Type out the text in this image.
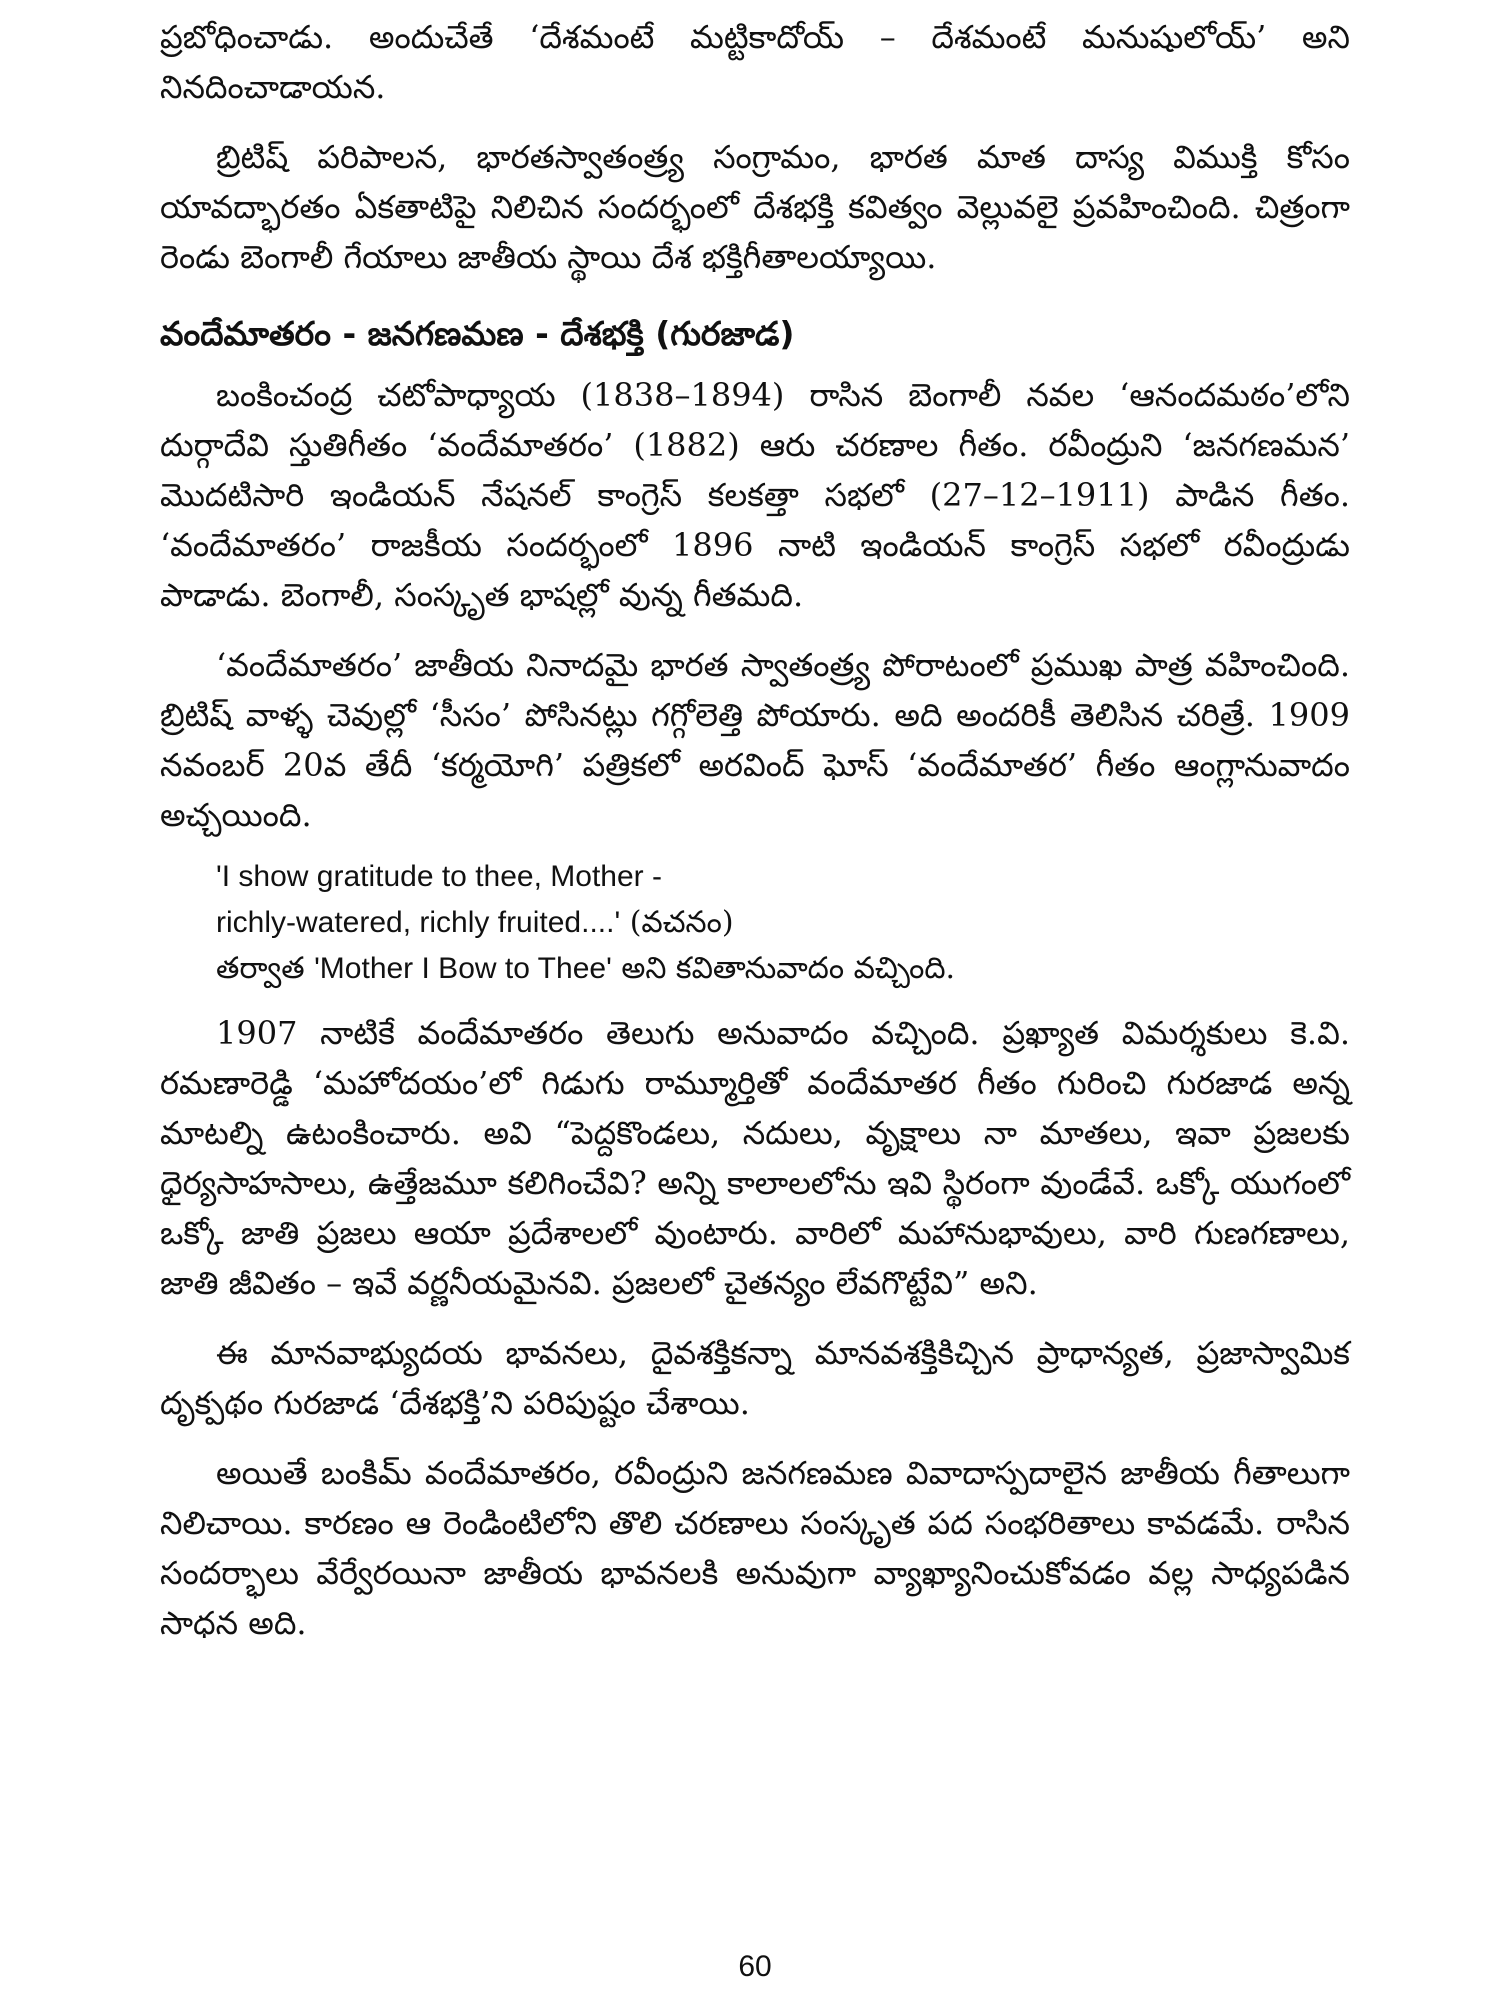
ప్రబోధించాడు. అందుచేతే ‘దేశమంటే మట్టికాదోయ్ – దేశమంటే మనుషులోయ్’ అని నినదించాడాయన.

బ్రిటిష్ పరిపాలన, భారతస్వాతంత్ర్య సంగ్రామం, భారత మాత దాస్య విముక్తి కోసం యావద్భారతం ఏకతాటిపై నిలిచిన సందర్భంలో దేశభక్తి కవిత్వం వెల్లువలై ప్రవహించింది. చిత్రంగా రెండు బెంగాలీ గేయాలు జాతీయ స్థాయి దేశ భక్తిగీతాలయ్యాయి.

వందేమాతరం - జనగణమణ - దేశభక్తి (గురజాడ)

బంకించంద్ర చటోపాధ్యాయ (1838–1894) రాసిన బెంగాలీ నవల ‘ఆనందమఠం’లోని దుర్గాదేవి స్తుతిగీతం ‘వందేమాతరం’ (1882) ఆరు చరణాల గీతం. రవీంద్రుని ‘జనగణమన’ మొదటిసారి ఇండియన్ నేషనల్ కాంగ్రెస్ కలకత్తా సభలో (27–12–1911) పాడిన గీతం. ‘వందేమాతరం’ రాజకీయ సందర్భంలో 1896 నాటి ఇండియన్ కాంగ్రెస్ సభలో రవీంద్రుడు పాడాడు. బెంగాలీ, సంస్కృత భాషల్లో వున్న గీతమది.

‘వందేమాతరం’ జాతీయ నినాదమై భారత స్వాతంత్ర్య పోరాటంలో ప్రముఖ పాత్ర వహించింది. బ్రిటిష్ వాళ్ళ చెవుల్లో ‘సీసం’ పోసినట్లు గగ్గోలెత్తి పోయారు. అది అందరికీ తెలిసిన చరిత్రే. 1909 నవంబర్ 20వ తేదీ ‘కర్మయోగి’ పత్రికలో అరవింద్ ఘోస్ ‘వందేమాతర’ గీతం ఆంగ్లానువాదం అచ్చయింది.

'I show gratitude to thee, Mother -
richly-watered, richly fruited....' (వచనం)
తర్వాత 'Mother I Bow to Thee' అని కవితానువాదం వచ్చింది.

1907 నాటికే వందేమాతరం తెలుగు అనువాదం వచ్చింది. ప్రఖ్యాత విమర్శకులు కె.వి. రమణారెడ్డి ‘మహోదయం’లో గిడుగు రామ్మూర్తితో వందేమాతర గీతం గురించి గురజాడ అన్న మాటల్ని ఉటంకించారు. అవి “పెద్దకొండలు, నదులు, వృక్షాలు నా మాతలు, ఇవా ప్రజలకు ధైర్యసాహసాలు, ఉత్తేజమూ కలిగించేవి? అన్ని కాలాలలోను ఇవి స్థిరంగా వుండేవే. ఒక్కో యుగంలో ఒక్కో జాతి ప్రజలు ఆయా ప్రదేశాలలో వుంటారు. వారిలో మహానుభావులు, వారి గుణగణాలు, జాతి జీవితం – ఇవే వర్ణనీయమైనవి. ప్రజలలో చైతన్యం లేవగొట్టేవి” అని.

ఈ మానవాభ్యుదయ భావనలు, దైవశక్తికన్నా మానవశక్తికిచ్చిన ప్రాధాన్యత, ప్రజాస్వామిక దృక్పథం గురజాడ ‘దేశభక్తి’ని పరిపుష్టం చేశాయి.

అయితే బంకిమ్ వందేమాతరం, రవీంద్రుని జనగణమణ వివాదాస్పదాలైన జాతీయ గీతాలుగా నిలిచాయి. కారణం ఆ రెండింటిలోని తొలి చరణాలు సంస్కృత పద సంభరితాలు కావడమే. రాసిన సందర్భాలు వేర్వేరయినా జాతీయ భావనలకి అనువుగా వ్యాఖ్యానించుకోవడం వల్ల సాధ్యపడిన సాధన అది.

60
